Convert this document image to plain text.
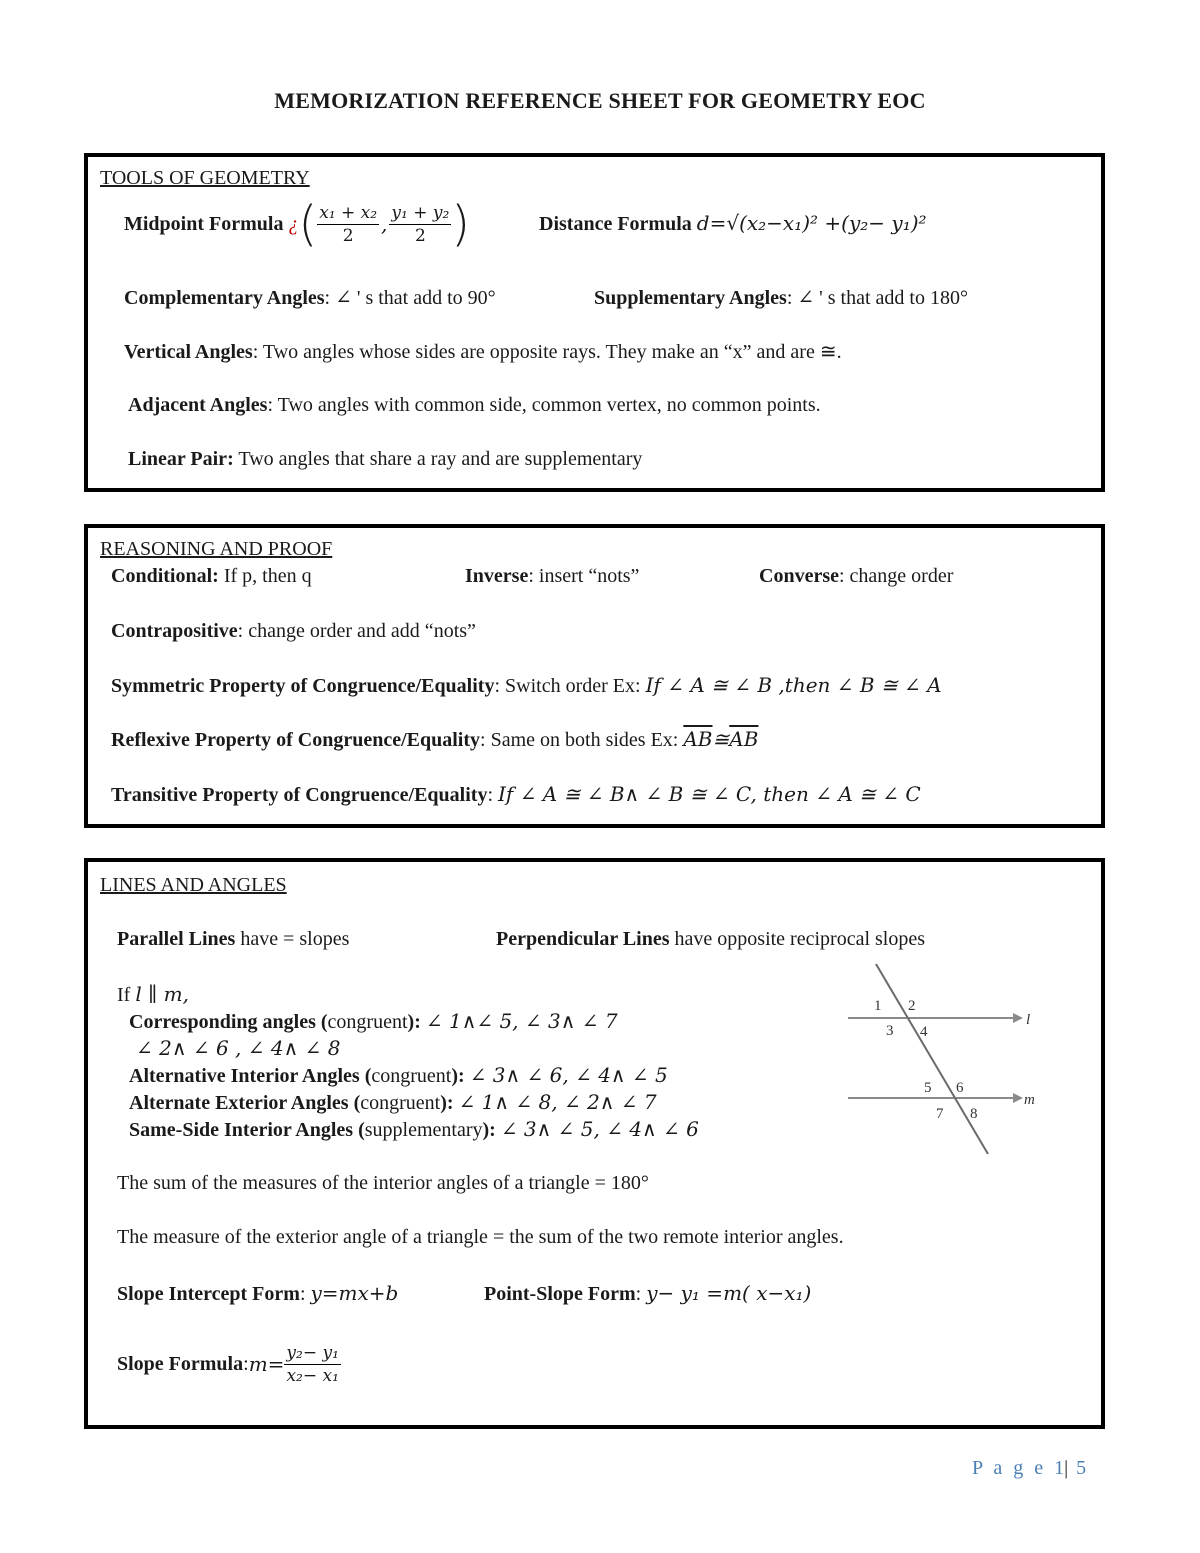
MEMORIZATION REFERENCE SHEET FOR GEOMETRY EOC
TOOLS OF GEOMETRY
Midpoint Formula
¿ ( $\frac{\text{x₁ + x₂}}{2}$ , $\frac{\text{y₁ + y₂}}{2}$ )	Distance Formula d=√(x₂−x₁)² +(y₂− y₁)²
Complementary Angles: ∠ ' s that add to 90°	Supplementary Angles: ∠ ' s that add to 180°
Vertical Angles: Two angles whose sides are opposite rays. They make an “x” and are ≅.
Adjacent Angles: Two angles with common side, common vertex, no common points.
Linear Pair: Two angles that share a ray and are supplementary
REASONING AND PROOF
Conditional: If p, then q	Inverse: insert “nots”	Converse: change order
Contrapositive: change order and add “nots”
Symmetric Property of Congruence/Equality: Switch order Ex: If ∠ A ≅ ∠ B ,then ∠ B ≅ ∠ A
Reflexive Property of Congruence/Equality: Same on both sides Ex: $\overline{AB}≅\overline{AB}$
Transitive Property of Congruence/Equality: If ∠ A ≅ ∠ B∧ ∠ B ≅ ∠ C, then ∠ A ≅ ∠ C
LINES AND ANGLES
Parallel Lines have = slopes	Perpendicular Lines have opposite reciprocal slopes
If l ∥ m,
Corresponding angles (congruent): ∠ 1∧∠ 5, ∠ 3∧ ∠ 7
∠ 2∧ ∠ 6 , ∠ 4∧ ∠ 8
Alternative Interior Angles (congruent): ∠ 3∧ ∠ 6, ∠ 4∧ ∠ 5
Alternate Exterior Angles (congruent): ∠ 1∧ ∠ 8, ∠ 2∧ ∠ 7
Same-Side Interior Angles (supplementary): ∠ 3∧ ∠ 5, ∠ 4∧ ∠ 6
The sum of the measures of the interior angles of a triangle = 180°
The measure of the exterior angle of a triangle = the sum of the two remote interior angles.
Slope Intercept Form: y=mx+b	Point-Slope Form: y− y₁ =m( x−x₁)
Slope Formula : $m= \frac{\text{y₂− y₁}}{\text{x₂− x₁}}$
1 2
3 4
5 6
7 8
l
m
P a g e 1| 5
